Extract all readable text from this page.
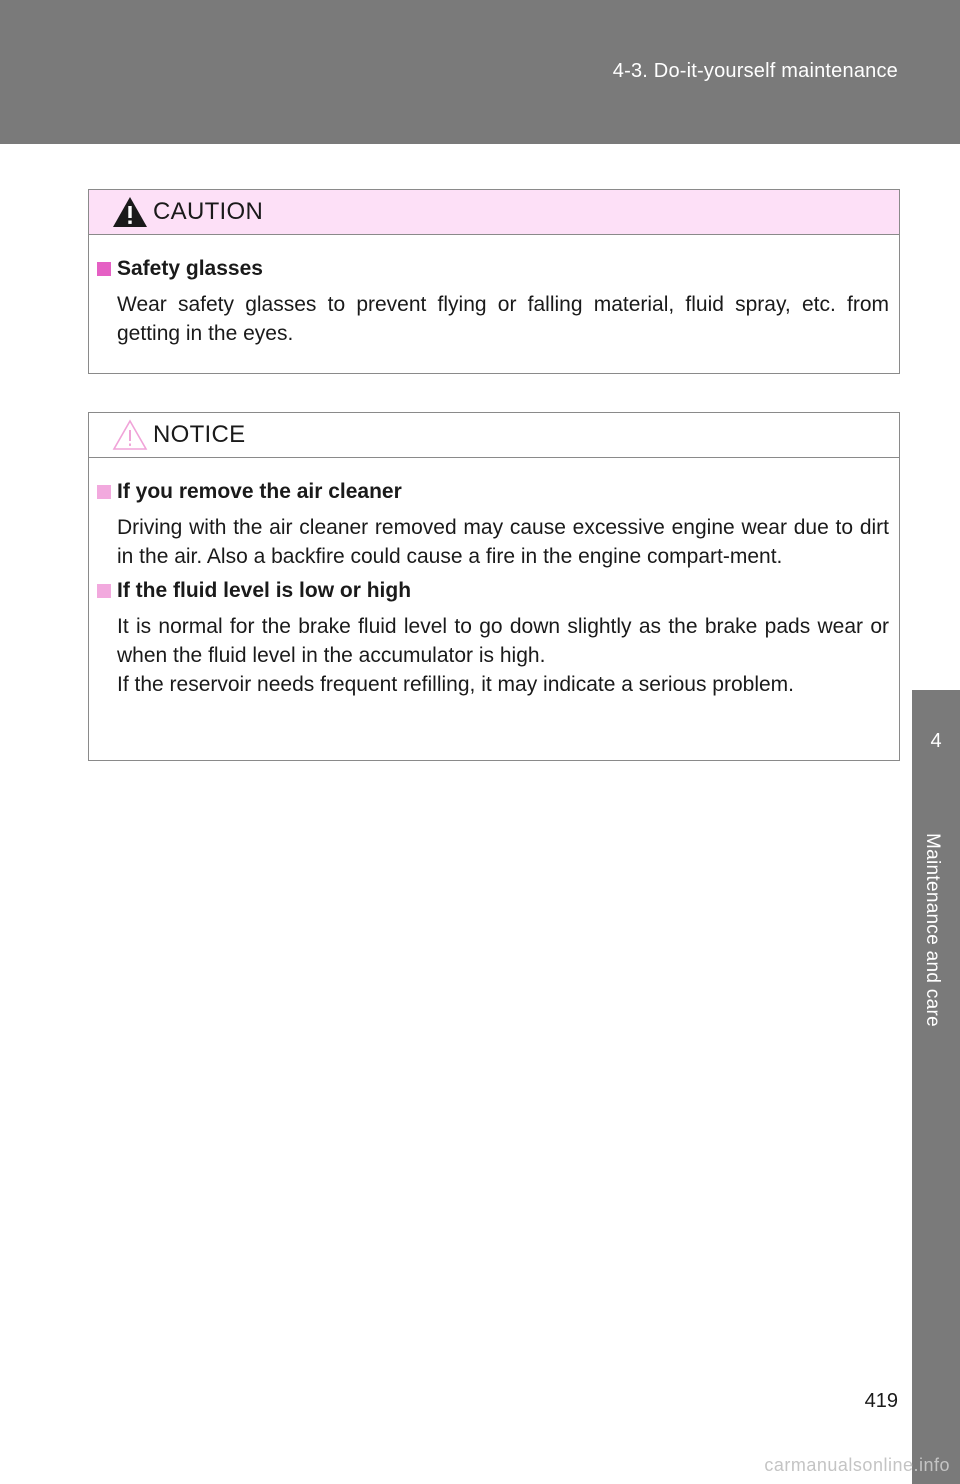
4-3. Do-it-yourself maintenance
4
Maintenance and care
CAUTION
Safety glasses
Wear safety glasses to prevent flying or falling material, fluid spray, etc. from getting in the eyes.
NOTICE
If you remove the air cleaner
Driving with the air cleaner removed may cause excessive engine wear due to dirt in the air. Also a backfire could cause a fire in the engine compart-ment.
If the fluid level is low or high
It is normal for the brake fluid level to go down slightly as the brake pads wear or when the fluid level in the accumulator is high.
If the reservoir needs frequent refilling, it may indicate a serious problem.
419
carmanualsonline.info
